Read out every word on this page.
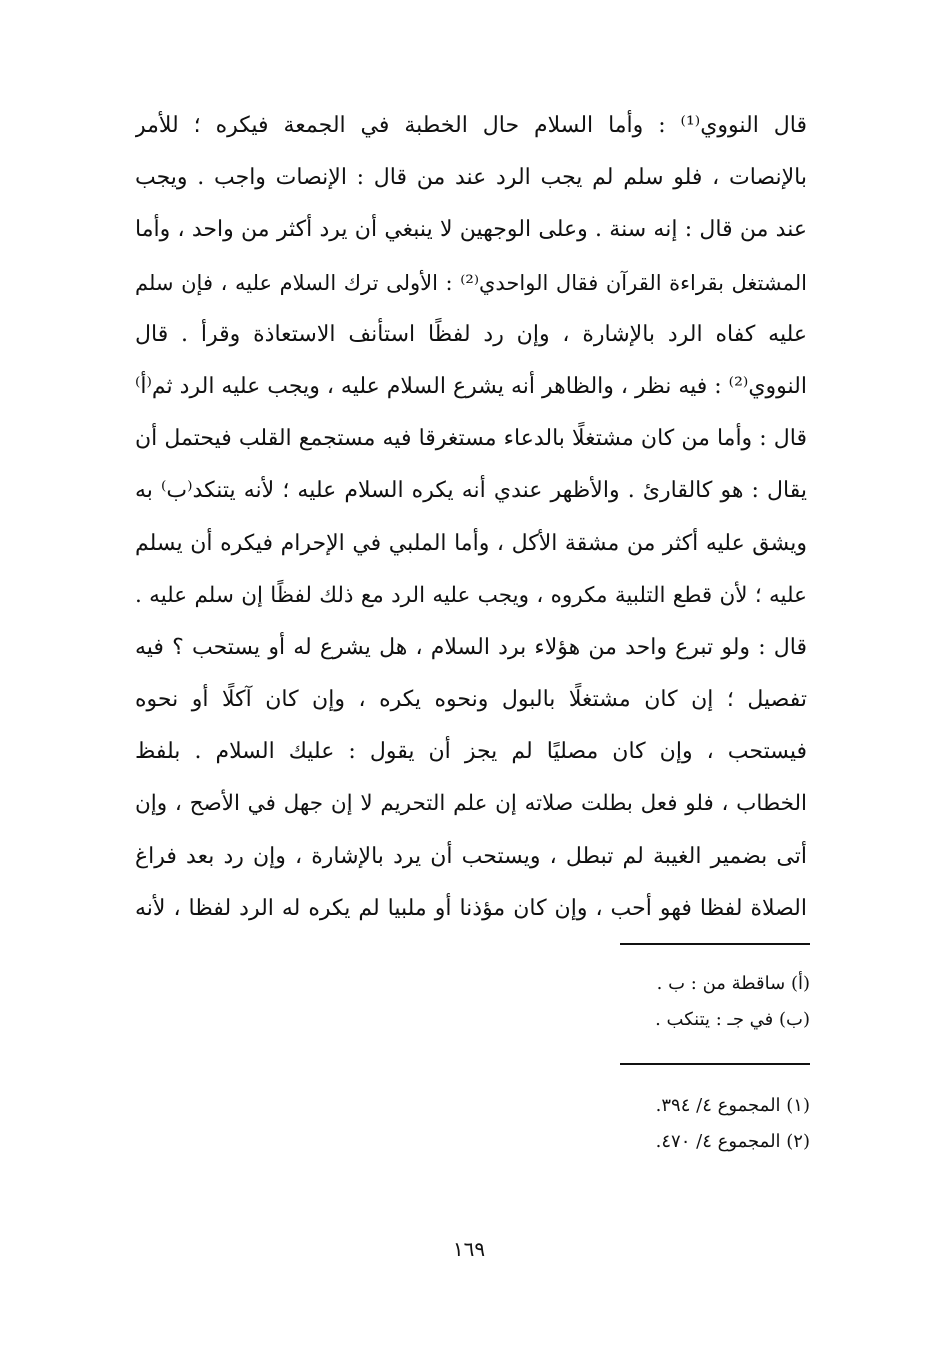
قال النووي⁽¹⁾ : وأما السلام حال الخطبة في الجمعة فيكره ؛ للأمر
بالإنصات ، فلو سلم لم يجب الرد عند من قال : الإنصات واجب . ويجب
عند من قال : إنه سنة . وعلى الوجهين لا ينبغي أن يرد أكثر من واحد ، وأما
المشتغل بقراءة القرآن فقال الواحدي⁽²⁾ : الأولى ترك السلام عليه ، فإن سلم
عليه كفاه الرد بالإشارة ، وإن رد لفظًا استأنف الاستعاذة وقرأ . قال
النووي⁽²⁾ : فيه نظر ، والظاهر أنه يشرع السلام عليه ، ويجب عليه الرد ثم⁽أ⁾
قال : وأما من كان مشتغلًا بالدعاء مستغرقا فيه مستجمع القلب فيحتمل أن
يقال : هو كالقارئ . والأظهر عندي أنه يكره السلام عليه ؛ لأنه يتنكد⁽ب⁾ به
ويشق عليه أكثر من مشقة الأكل ، وأما الملبي في الإحرام فيكره أن يسلم
عليه ؛ لأن قطع التلبية مكروه ، ويجب عليه الرد مع ذلك لفظًا إن سلم عليه .
قال : ولو تبرع واحد من هؤلاء برد السلام ، هل يشرع له أو يستحب ؟ فيه
تفصيل ؛ إن كان مشتغلًا بالبول ونحوه يكره ، وإن كان آكلًا أو نحوه
فيستحب ، وإن كان مصليًا لم يجز أن يقول : عليك السلام . بلفظ
الخطاب ، فلو فعل بطلت صلاته إن علم التحريم لا إن جهل في الأصح ، وإن
أتى بضمير الغيبة لم تبطل ، ويستحب أن يرد بالإشارة ، وإن رد بعد فراغ
الصلاة لفظا فهو أحب ، وإن كان مؤذنا أو ملبيا لم يكره له الرد لفظا ، لأنه
(أ) ساقطة من : ب .
(ب) في جـ : يتنكب .
(١) المجموع ٤/ ٣٩٤.
(٢) المجموع ٤/ ٤٧٠.
١٦٩
